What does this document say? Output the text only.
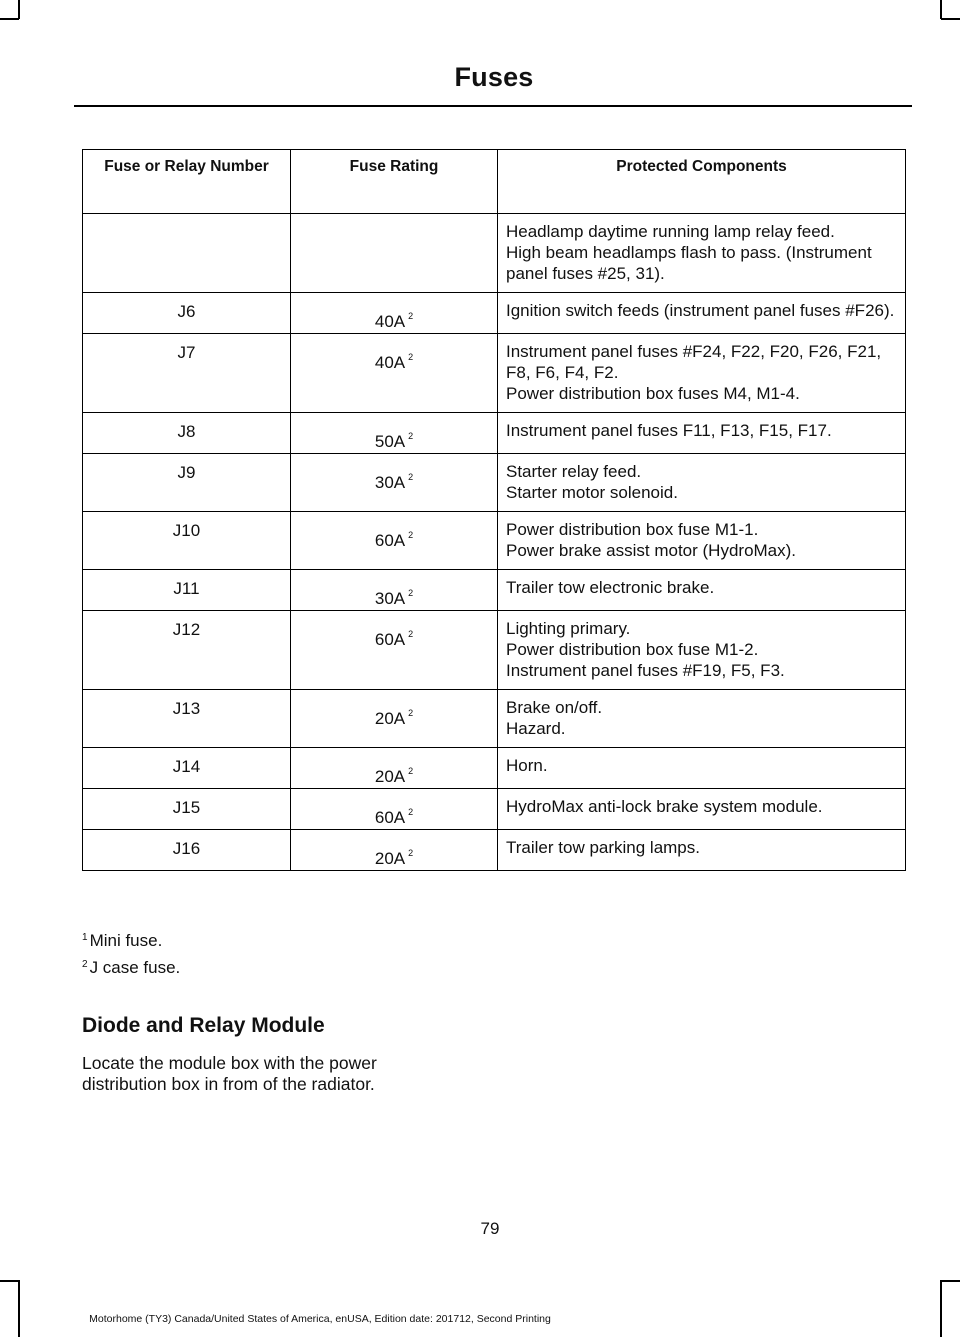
Fuses
Fuse or Relay Number	Fuse Rating	Protected Components

		Headlamp daytime running lamp relay feed.
High beam headlamps flash to pass. (Instrument panel fuses #25, 31).

J6	40A $^2$	Ignition switch feeds (instrument panel fuses #F26).

J7	40A $^2$	Instrument panel fuses #F24, F22, F20, F26, F21, F8, F6, F4, F2.
Power distribution box fuses M4, M1-4.

J8	50A $^2$	Instrument panel fuses F11, F13, F15, F17.

J9	30A $^2$	Starter relay feed.
Starter motor solenoid.

J10	60A $^2$	Power distribution box fuse M1-1.
Power brake assist motor (HydroMax).

J11	30A $^2$	Trailer tow electronic brake.

J12	60A $^2$	Lighting primary.
Power distribution box fuse M1-2.
Instrument panel fuses #F19, F5, F3.

J13	20A $^2$	Brake on/off.
Hazard.

J14	20A $^2$	Horn.

J15	60A $^2$	HydroMax anti-lock brake system module.

J16	20A $^2$	Trailer tow parking lamps.
$^1$ Mini fuse.
$^2$ J case fuse.
Diode and Relay Module
Locate the module box with the power distribution box in from of the radiator.
79
Motorhome (TY3) Canada/United States of America, enUSA, Edition date: 201712, Second Printing
